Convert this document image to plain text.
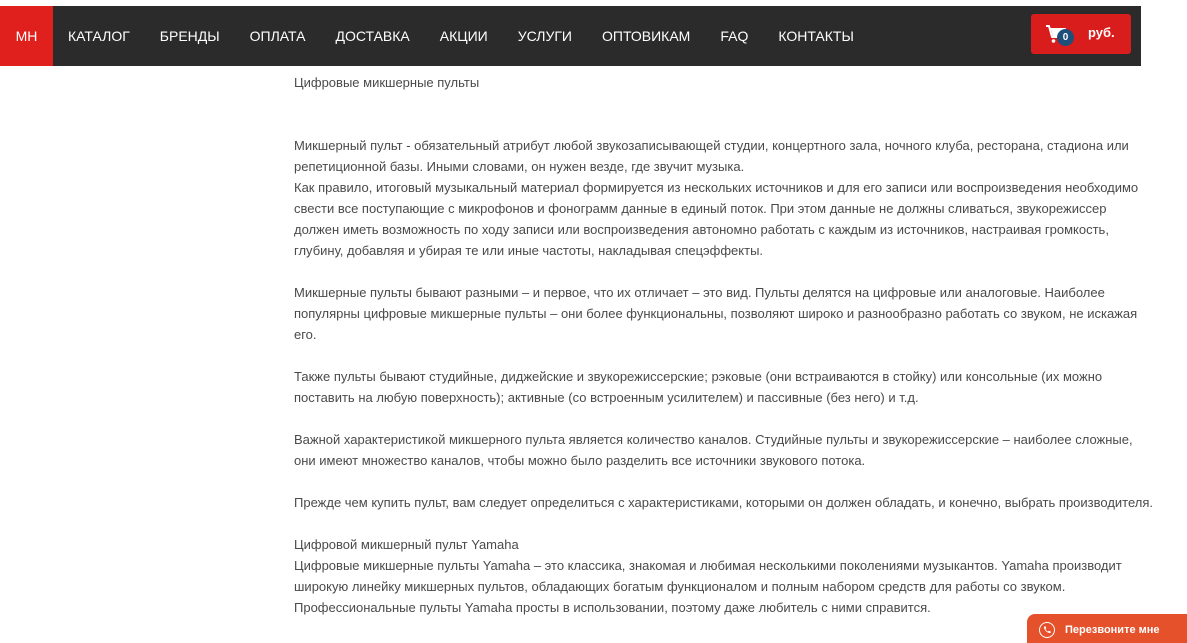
МН	КАТАЛОГ	БРЕНДЫ	ОПЛАТА	ДОСТАВКА	АКЦИИ	УСЛУГИ	ОПТОВИКАМ	FAQ	КОНТАКТЫ	0	руб.
Цифровые микшерные пульты

Микшерный пульт - обязательный атрибут любой звукозаписывающей студии, концертного зала, ночного клуба, ресторана, стадиона или репетиционной базы. Иными словами, он нужен везде, где звучит музыка.

Как правило, итоговый музыкальный материал формируется из нескольких источников и для его записи или воспроизведения необходимо свести все поступающие с микрофонов и фонограмм данные в единый поток. При этом данные не должны сливаться, звукорежиссер должен иметь возможность по ходу записи или воспроизведения автономно работать с каждым из источников, настраивая громкость, глубину, добавляя и убирая те или иные частоты, накладывая спецэффекты.

Микшерные пульты бывают разными – и первое, что их отличает – это вид. Пульты делятся на цифровые или аналоговые. Наиболее популярны цифровые микшерные пульты – они более функциональны, позволяют широко и разнообразно работать со звуком, не искажая его.

Также пульты бывают студийные, диджейские и звукорежиссерские; рэковые (они встраиваются в стойку) или консольные (их можно поставить на любую поверхность); активные (со встроенным усилителем) и пассивные (без него) и т.д.

Важной характеристикой микшерного пульта является количество каналов. Студийные пульты и звукорежиссерские – наиболее сложные, они имеют множество каналов, чтобы можно было разделить все источники звукового потока.

Прежде чем купить пульт, вам следует определиться с характеристиками, которыми он должен обладать, и конечно, выбрать производителя.

Цифровой микшерный пульт Yamaha

Цифровые микшерные пульты Yamaha – это классика, знакомая и любимая несколькими поколениями музыкантов. Yamaha производит широкую линейку микшерных пультов, обладающих богатым функционалом и полным набором средств для работы со звуком. Профессиональные пульты Yamaha просты в использовании, поэтому даже любитель с ними справится.

Перезвоните мне
